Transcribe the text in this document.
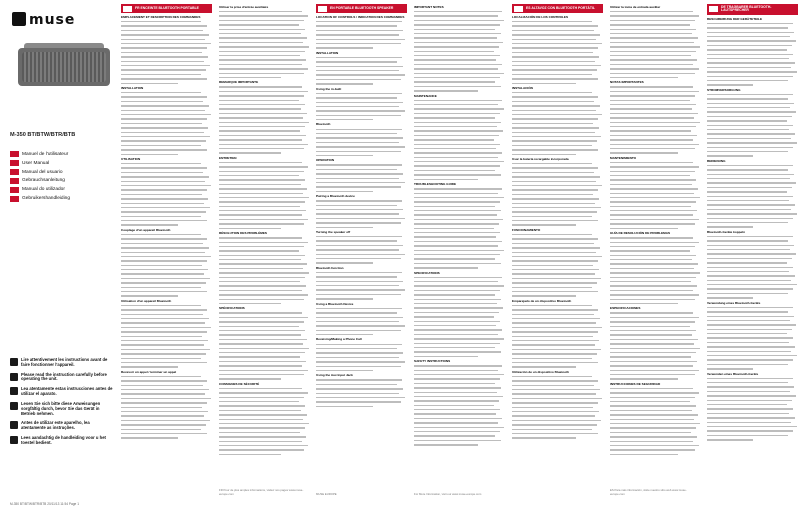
muse
M-350 BT/BTW/BTR/BTB
Manuel de l'utilisateur
User Manual
Manual del usuario
Gebrauchsanleitung
Manual do utilizador
Gebruikershandleiding
Lire attentivement les instructions avant de faire fonctionner l'appareil.
Please read the instruction carefully before operating the unit.
Lea atentamente estas instrucciones antes de utilizar el aparato.
Lesen Sie sich bitte diese Anweisungen sorgfältig durch, bevor Sie das Gerät in Betrieb nehmen.
Antes de utilizar este aparelho, lea atentamente as instruções.
Lees aandachtig de handleiding voor u het toestel bedient.
M-350 BT/BTW/BTR/BTB 20/11/13 11:54 Page 1
FR ENCEINTE BLUETOOTH PORTABLE
EMPLACEMENT ET DESCRIPTION DES COMMANDES
INSTALLATION
UTILISATION
Couplage d'un appareil Bluetooth
Utilisation d'un appareil Bluetooth
Recevoir un appel / terminer un appel
Utiliser la prise d'entrée auxiliaire
REMARQUE IMPORTANTE
ENTRETIEN
RÉSOLUTION DES PROBLÈMES
SPÉCIFICATIONS
CONSIGNES DE SÉCURITÉ
FR Pour de plus amples informations, visitez nos pages www.muse-europe.com
EN PORTABLE BLUETOOTH SPEAKER
LOCATION OF CONTROLS / INDICATION DES COMMANDES
INSTALLATION
Using the in-built
Bluetooth
OPERATION
Pairing a Bluetooth device
Turning the speaker off
Bluetooth function
Using a Bluetooth Device
Receiving/Making a Phone Call
Using the Aux Input Jack
MUSE EUROPE
IMPORTANT NOTES
MAINTENANCE
TROUBLESHOOTING GUIDE
SPECIFICATIONS
SAFETY INSTRUCTIONS
For More Information, visit our www.muse-europe.com
ES ALTAVOZ CON BLUETOOTH PORTÁTIL
LOCALIZACIÓN DE LOS CONTROLES
INSTALACIÓN
Usar la batería recargable incorporada
FUNCIONAMIENTO
Emparejado de un dispositivo Bluetooth
Utilización de un dispositivo Bluetooth
Utilizar la toma de entrada auxiliar
NOTAS IMPORTANTES
MANTENIMIENTO
GUÍA DE RESOLUCIÓN DE PROBLEMAS
ESPECIFICACIONES
INSTRUCCIONES DE SEGURIDAD
ES Para más información, visite nuestro sitio web www.muse-europe.com
DE TRAGBARER BLUETOOTH-LAUTSPRECHER
BESCHREIBUNG DER GERÄTETEILE
STROMVERSORGUNG
BEDIENUNG
Bluetooth-Geräte koppeln
Verwendung eines Bluetooth-Geräts
Verwenden eines Bluetooth-Geräts
